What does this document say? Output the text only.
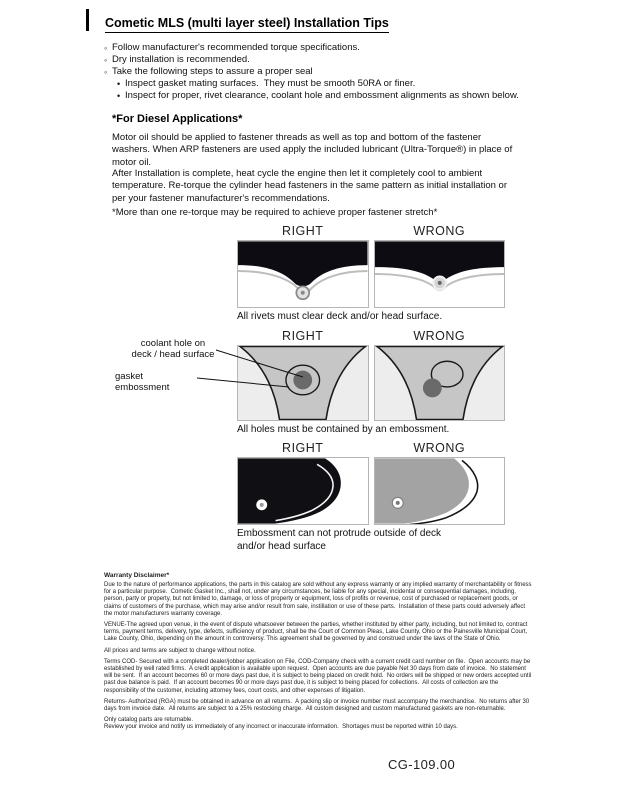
Cometic MLS (multi layer steel) Installation Tips
◦ Follow manufacturer's recommended torque specifications.
◦ Dry installation is recommended.
◦ Take the following steps to assure a proper seal
• Inspect gasket mating surfaces.  They must be smooth 50RA or finer.
• Inspect for proper, rivet clearance, coolant hole and embossment alignments as shown below.
*For Diesel Applications*

Motor oil should be applied to fastener threads as well as top and bottom of the fastener washers. When ARP fasteners are used apply the included lubricant (Ultra-Torque®) in place of motor oil.

After Installation is complete, heat cycle the engine then let it completely cool to ambient temperature. Re-torque the cylinder head fasteners in the same pattern as initial installation or per your fastener manufacturer's recommendations.

*More than one re-torque may be required to achieve proper fastener stretch*

RIGHT	WRONG

All rivets must clear deck and/or head surface.

RIGHT	WRONG

All holes must be contained by an embossment.

RIGHT	WRONG

Embossment can not protrude outside of deck and/or head surface

coolant hole on
deck / head surface
gasket embossment
Warranty Disclaimer*

Due to the nature of performance applications, the parts in this catalog are sold without any express warranty or any implied warranty of merchantability or fitness for a particular purpose.  Cometic Gasket Inc., shall not, under any circumstances, be liable for any special, incidental or consequential damages, including, person, party or property, but not limited to, damage, or loss of property or equipment, loss of profits or revenue, cost of purchased or replacement goods, or claims of customers of the purchase, which may arise and/or result from sale, instillation or use of these parts.  Installation of these parts could adversely affect the motor manufacturers warranty coverage.

VENUE-The agreed upon venue, in the event of dispute whatsoever between the parties, whether instituted by either party, including, but not limited to, contract terms, payment terms, delivery, type, defects, sufficiency of product, shall be the Court of Common Pleas, Lake County, Ohio or the Painesville Municipal Court, Lake County, Ohio, depending on the amount in controversy. This agreement shall be governed by and construed under the laws of the State of Ohio.

All prices and terms are subject to change without notice.

Terms COD- Secured with a completed dealer/jobber application on File, COD-Company check with a current credit card number on file.  Open accounts may be established by well rated firms.  A credit application is available upon request.  Open accounts are due payable Net 30 days from date of invoice.  No statement will be sent.  If an account becomes 60 or more days past due, it is subject to being placed on credit hold.  No orders will be shipped or new orders accepted until past due balance is paid.  If an account becomes 90 or more days past due, it is subject to being placed for collections.  All costs of collection are the responsibility of the customer, including attorney fees, court costs, and other expenses of litigation.

Returns- Authorized (RGA) must be obtained in advance on all returns.  A packing slip or invoice number must accompany the merchandise.  No returns after 30 days from invoice date.  All returns are subject to a 25% restocking charge.  All custom designed and custom manufactured gaskets are non-returnable.

Only catalog parts are returnable.

Review your invoice and notify us immediately of any incorrect or inaccurate information.  Shortages must be reported within 10 days.

CG-109.00
